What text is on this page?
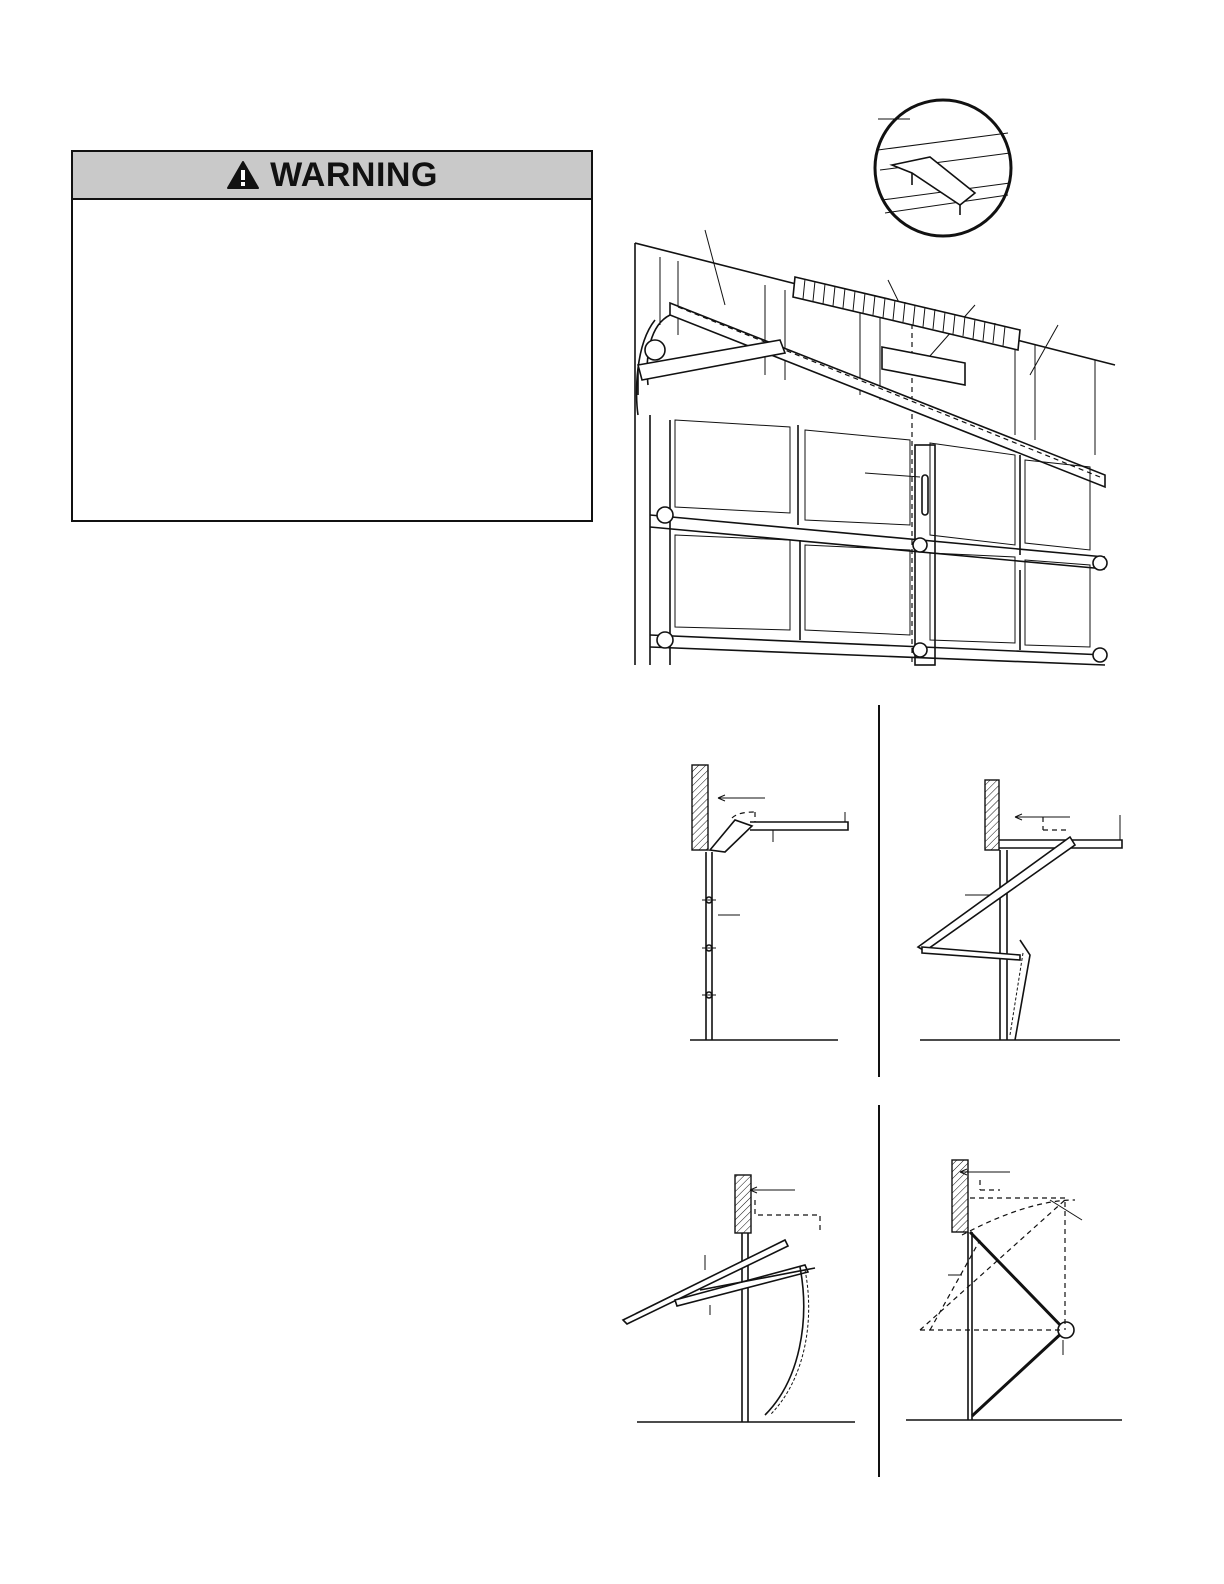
WARNING
